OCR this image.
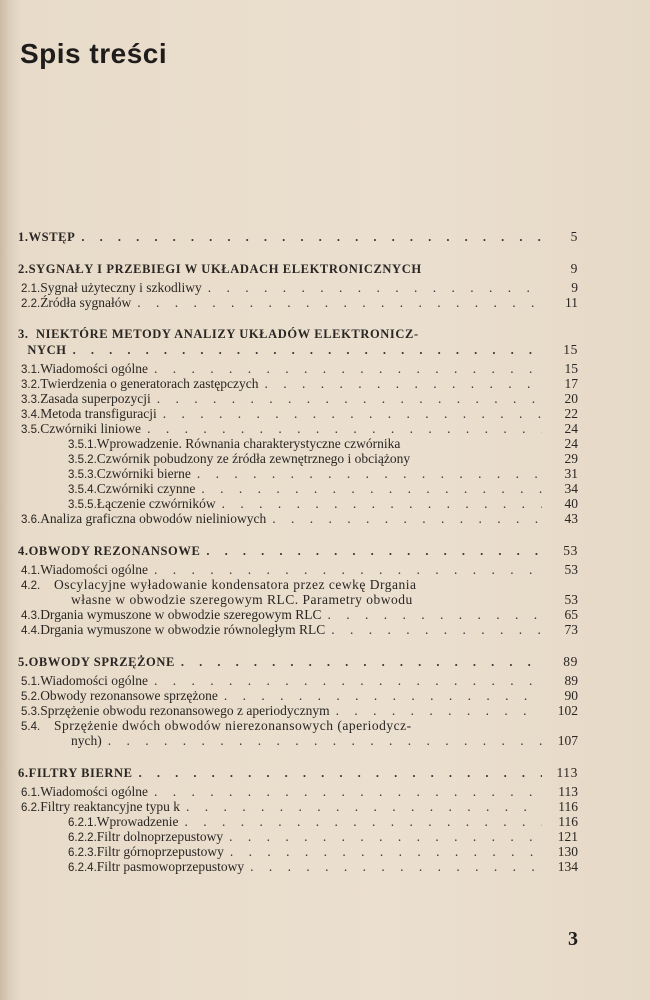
Spis treści
1. WSTĘP . . .	5
2. SYGNAŁY I PRZEBIEGI W UKŁADACH ELEKTRONICZNYCH	9
2.1. Sygnał użyteczny i szkodliwy . . .	9
2.2. Źródła sygnałów . . .	11
3. NIEKTÓRE METODY ANALIZY UKŁADÓW ELEKTRONICZ-
NYCH . . .	15
3.1. Wiadomości ogólne . . .	15
3.2. Twierdzenia o generatorach zastępczych . . .	17
3.3. Zasada superpozycji . . .	20
3.4. Metoda transfiguracji . . .	22
3.5. Czwórniki liniowe . . .	24
3.5.1. Wprowadzenie. Równania charakterystyczne czwórnika	24
3.5.2. Czwórnik pobudzony ze źródła zewnętrznego i obciążony	29
3.5.3. Czwórniki bierne . . .	31
3.5.4. Czwórniki czynne . . .	34
3.5.5. Łączenie czwórników . . .	40
3.6. Analiza graficzna obwodów nieliniowych . . .	43
4. OBWODY REZONANSOWE . . .	53
4.1. Wiadomości ogólne . . .	53
4.2.	Oscylacyjne wyładowanie kondensatora przez cewkę Drgania
własne w obwodzie szeregowym RLC. Parametry obwodu	53
4.3. Drgania wymuszone w obwodzie szeregowym RLC . . .	65
4.4. Drgania wymuszone w obwodzie równoległym RLC . . .	73
5. OBWODY SPRZĘŻONE . . .	89
5.1. Wiadomości ogólne . . .	89
5.2. Obwody rezonansowe sprzężone . . .	90
5.3. Sprzężenie obwodu rezonansowego z aperiodycznym . . .	102
5.4.	Sprzężenie dwóch obwodów nierezonansowych (aperiodycz-
nych) . . .	107
6. FILTRY BIERNE . . .	113
6.1. Wiadomości ogólne . . .	113
6.2. Filtry reaktancyjne typu k . . .	116
6.2.1. Wprowadzenie . . .	116
6.2.2. Filtr dolnoprzepustowy . . .	121
6.2.3. Filtr górnoprzepustowy . . .	130
6.2.4. Filtr pasmowoprzepustowy . . .	134
3
